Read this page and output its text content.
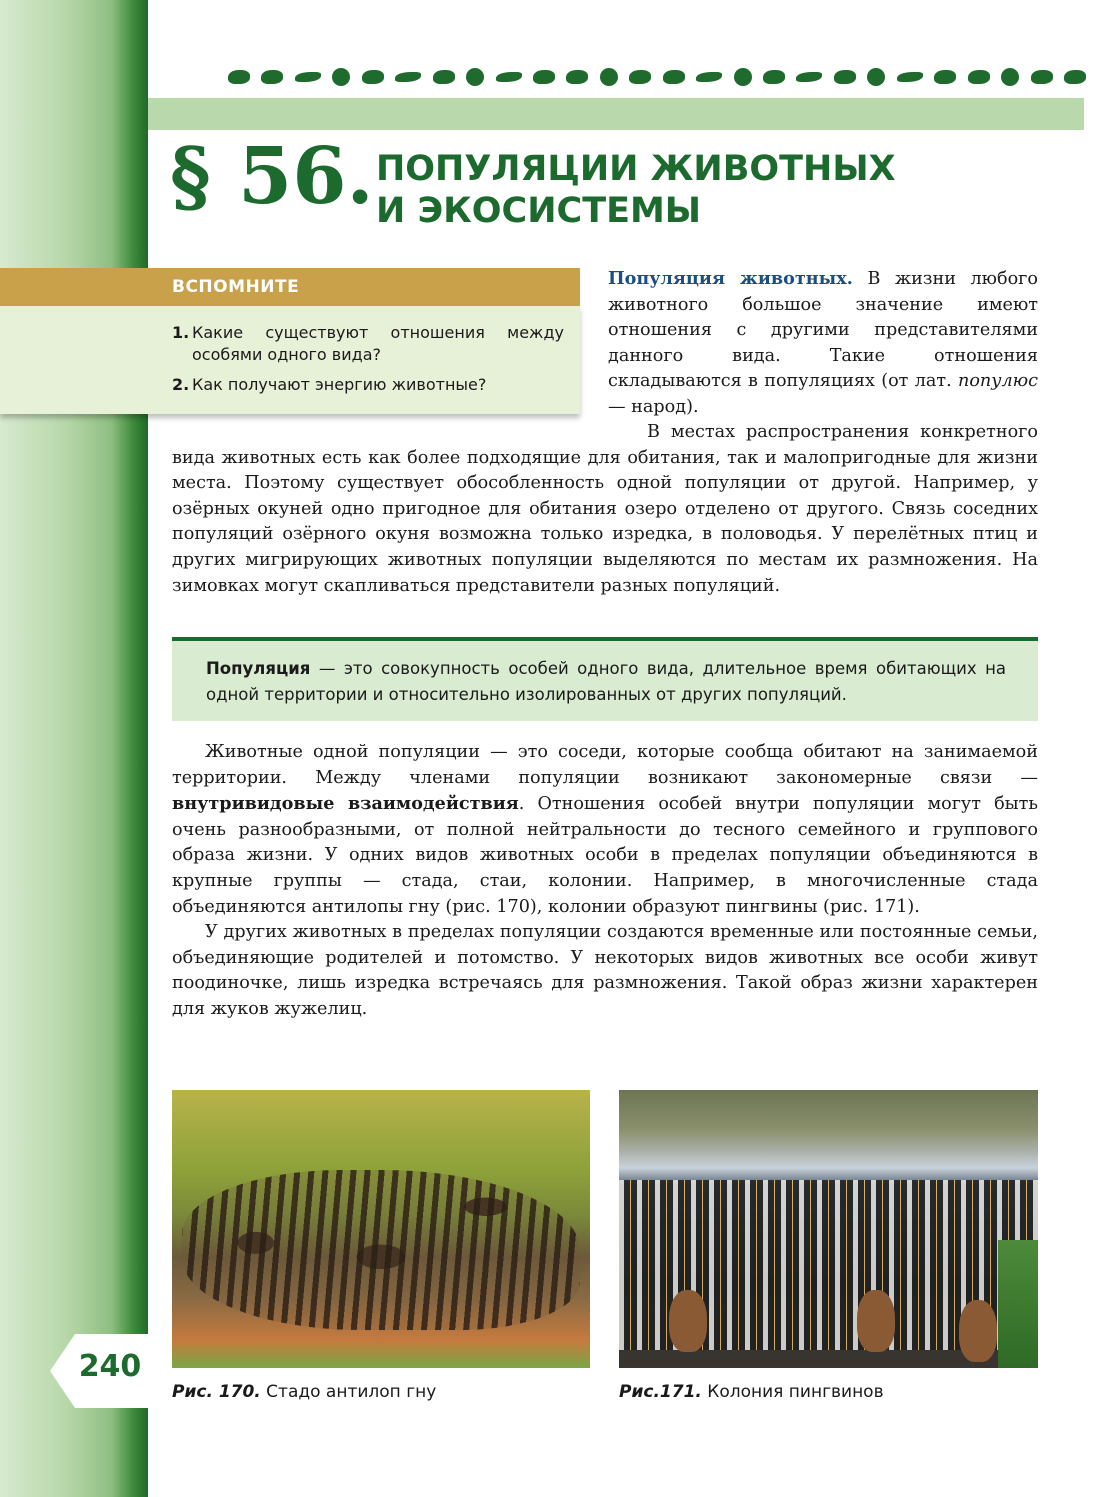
§ 56. ПОПУЛЯЦИИ ЖИВОТНЫХ
И ЭКОСИСТЕМЫ
ВСПОМНИТЕ
1. Какие существуют отношения между особями одного вида?
2. Как получают энергию животные?
Популяция животных. В жизни любого животного большое значение имеют отношения с другими представителями данного вида. Такие отношения складываются в популяциях (от лат. популюс — народ).

В местах распространения конкретного вида животных есть как более подходящие для обитания, так и малопригодные для жизни места. Поэтому существует обособленность одной популяции от другой. Например, у озёрных окуней одно пригодное для обитания озеро отделено от другого. Связь соседних популяций озёрного окуня возможна только изредка, в половодья. У перелётных птиц и других мигрирующих животных популяции выделяются по местам их размножения. На зимовках могут скапливаться представители разных популяций.

Популяция — это совокупность особей одного вида, длительное время обитающих на одной территории и относительно изолированных от других популяций.

Животные одной популяции — это соседи, которые сообща обитают на занимаемой территории. Между членами популяции возникают закономерные связи — внутривидовые взаимодействия. Отношения особей внутри популяции могут быть очень разнообразными, от полной нейтральности до тесного семейного и группового образа жизни. У одних видов животных особи в пределах популяции объединяются в крупные группы — стада, стаи, колонии. Например, в многочисленные стада объединяются антилопы гну (рис. 170), колонии образуют пингвины (рис. 171).

У других животных в пределах популяции создаются временные или постоянные семьи, объединяющие родителей и потомство. У некоторых видов животных все особи живут поодиночке, лишь изредка встречаясь для размножения. Такой образ жизни характерен для жуков жужелиц.

Рис. 170. Стадо антилоп гну	Рис.171. Колония пингвинов
240
